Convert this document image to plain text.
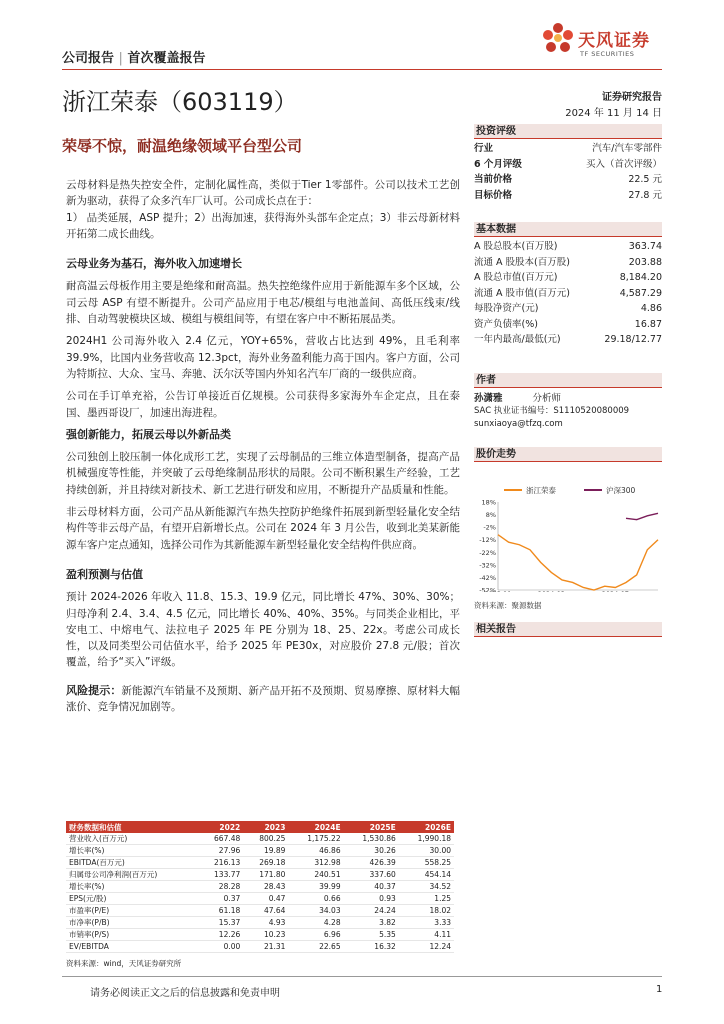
公司报告 | 首次覆盖报告
天风证券
TF SECURITIES
浙江荣泰（603119）	证券研究报告
2024 年 11 月 14 日
荣辱不惊，耐温绝缘领域平台型公司

云母材料是热失控安全件，定制化属性高，类似于Tier 1零部件。公司以技术工艺创新为驱动，获得了众多汽车厂认可。公司成长点在于：
1） 品类延展，ASP 提升；2）出海加速，获得海外头部车企定点；3）非云母新材料开拓第二成长曲线。

云母业务为基石，海外收入加速增长

耐高温云母板作用主要是绝缘和耐高温。热失控绝缘件应用于新能源车多个区域，公司云母 ASP 有望不断提升。公司产品应用于电芯/模组与电池盖间、高低压线束/线排、自动驾驶模块区域、模组与模组间等，有望在客户中不断拓展品类。

2024H1 公司海外收入 2.4 亿元，YOY+65%，营收占比达到 49%，且毛利率 39.9%，比国内业务营收高 12.3pct，海外业务盈利能力高于国内。客户方面，公司为特斯拉、大众、宝马、奔驰、沃尔沃等国内外知名汽车厂商的一级供应商。

公司在手订单充裕，公告订单接近百亿规模。公司获得多家海外车企定点，且在泰国、墨西哥设厂，加速出海进程。

强创新能力，拓展云母以外新品类

公司独创上胶压制一体化成形工艺，实现了云母制品的三维立体造型制备，提高产品机械强度等性能，并突破了云母绝缘制品形状的局限。公司不断积累生产经验，工艺持续创新，并且持续对新技术、新工艺进行研发和应用，不断提升产品质量和性能。

非云母材料方面，公司产品从新能源汽车热失控防护绝缘件拓展到新型轻量化安全结构件等非云母产品，有望开启新增长点。公司在 2024 年 3 月公告，收到北美某新能源车客户定点通知，选择公司作为其新能源车新型轻量化安全结构件供应商。

盈利预测与估值

预计 2024-2026 年收入 11.8、15.3、19.9 亿元，同比增长 47%、30%、30%；归母净利 2.4、3.4、4.5 亿元，同比增长 40%、40%、35%。与同类企业相比，平安电工、中熔电气、法拉电子 2025 年 PE 分别为 18、25、22x。考虑公司成长性，以及同类型公司估值水平，给予 2025 年 PE30x，对应股价 27.8 元/股；首次覆盖，给予“买入”评级。

风险提示：新能源汽车销量不及预期、新产品开拓不及预期、贸易摩擦、原材料大幅涨价、竞争情况加剧等。

投资评级
行业	汽车/汽车零部件
6 个月评级	买入（首次评级）
当前价格	22.5 元
目标价格	27.8 元
基本数据
A 股总股本(百万股)	363.74
流通 A 股股本(百万股)	203.88
A 股总市值(百万元)	8,184.20
流通 A 股市值(百万元)	4,587.29
每股净资产(元)	4.86
资产负债率(%)	16.87
一年内最高/最低(元)	29.18/12.77
作者
孙潇雅	分析师
SAC 执业证书编号：S1110520080009
sunxiaoya@tfzq.com
股价走势
浙江荣泰	沪深300
18%
8%
-2%
-12%
-22%
-32%
-42%
-52%
资料来源：聚源数据
相关报告
财务数据和估值	2022	2023	2024E	2025E	2026E
营业收入(百万元)	667.48	800.25	1,175.22	1,530.86	1,990.18
增长率(%)	27.96	19.89	46.86	30.26	30.00
EBITDA(百万元)	216.13	269.18	312.98	426.39	558.25
归属母公司净利润(百万元)	133.77	171.80	240.51	337.60	454.14
增长率(%)	28.28	28.43	39.99	40.37	34.52
EPS(元/股)	0.37	0.47	0.66	0.93	1.25
市盈率(P/E)	61.18	47.64	34.03	24.24	18.02
市净率(P/B)	15.37	4.93	4.28	3.82	3.33
市销率(P/S)	12.26	10.23	6.96	5.35	4.11
EV/EBITDA	0.00	21.31	22.65	16.32	12.24
资料来源：wind，天风证券研究所
请务必阅读正文之后的信息披露和免责申明	1
